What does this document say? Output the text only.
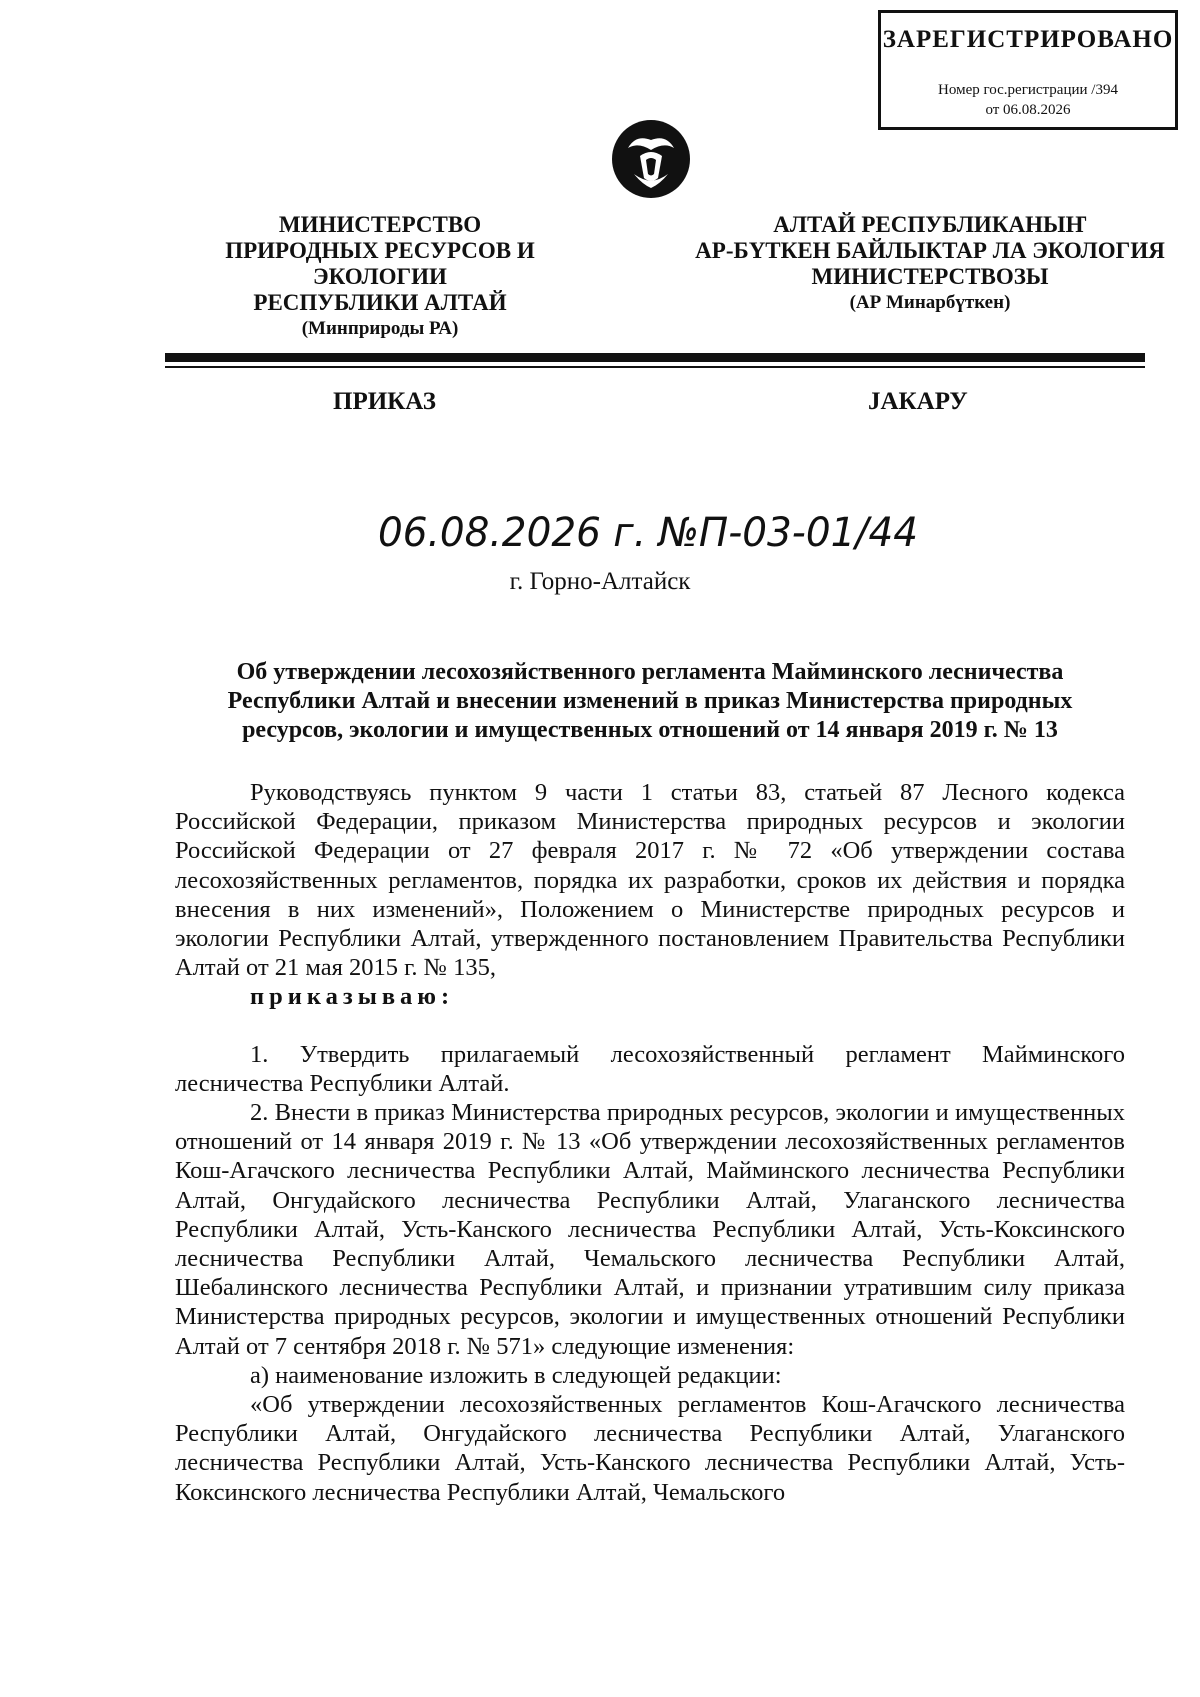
ЗАРЕГИСТРИРОВАНО
Номер гос.регистрации /394
от 06.08.2026
МИНИСТЕРСТВО
ПРИРОДНЫХ РЕСУРСОВ И ЭКОЛОГИИ
РЕСПУБЛИКИ АЛТАЙ
(Минприроды РА)
АЛТАЙ РЕСПУБЛИКАНЫҤ
АР-БҮТКЕН БАЙЛЫКТАР ЛА ЭКОЛОГИЯ
МИНИСТЕРСТВОЗЫ
(АР Минарбүткен)
ПРИКАЗ	JАКАРУ
06.08.2026 г. №П-03-01/44
г. Горно-Алтайск
Об утверждении лесохозяйственного регламента Майминского лесничества
Республики Алтай и внесении изменений в приказ Министерства природных
ресурсов, экологии и имущественных отношений от 14 января 2019 г. № 13

Руководствуясь пунктом 9 части 1 статьи 83, статьей 87 Лесного кодекса Российской Федерации, приказом Министерства природных ресурсов и экологии Российской Федерации от 27 февраля 2017 г. № 72 «Об утверждении состава лесохозяйственных регламентов, порядка их разработки, сроков их действия и порядка внесения в них изменений», Положением о Министерстве природных ресурсов и экологии Республики Алтай, утвержденного постановлением Правительства Республики Алтай от 21 мая 2015 г. № 135,

приказываю:

1. Утвердить прилагаемый лесохозяйственный регламент Майминского лесничества Республики Алтай.

2. Внести в приказ Министерства природных ресурсов, экологии и имущественных отношений от 14 января 2019 г. № 13 «Об утверждении лесохозяйственных регламентов Кош-Агачского лесничества Республики Алтай, Майминского лесничества Республики Алтай, Онгудайского лесничества Республики Алтай, Улаганского лесничества Республики Алтай, Усть-Канского лесничества Республики Алтай, Усть-Коксинского лесничества Республики Алтай, Чемальского лесничества Республики Алтай, Шебалинского лесничества Республики Алтай, и признании утратившим силу приказа Министерства природных ресурсов, экологии и имущественных отношений Республики Алтай от 7 сентября 2018 г. № 571» следующие изменения:

а) наименование изложить в следующей редакции:

«Об утверждении лесохозяйственных регламентов Кош-Агачского лесничества Республики Алтай, Онгудайского лесничества Республики Алтай, Улаганского лесничества Республики Алтай, Усть-Канского лесничества Республики Алтай, Усть-Коксинского лесничества Республики Алтай, Чемальского
